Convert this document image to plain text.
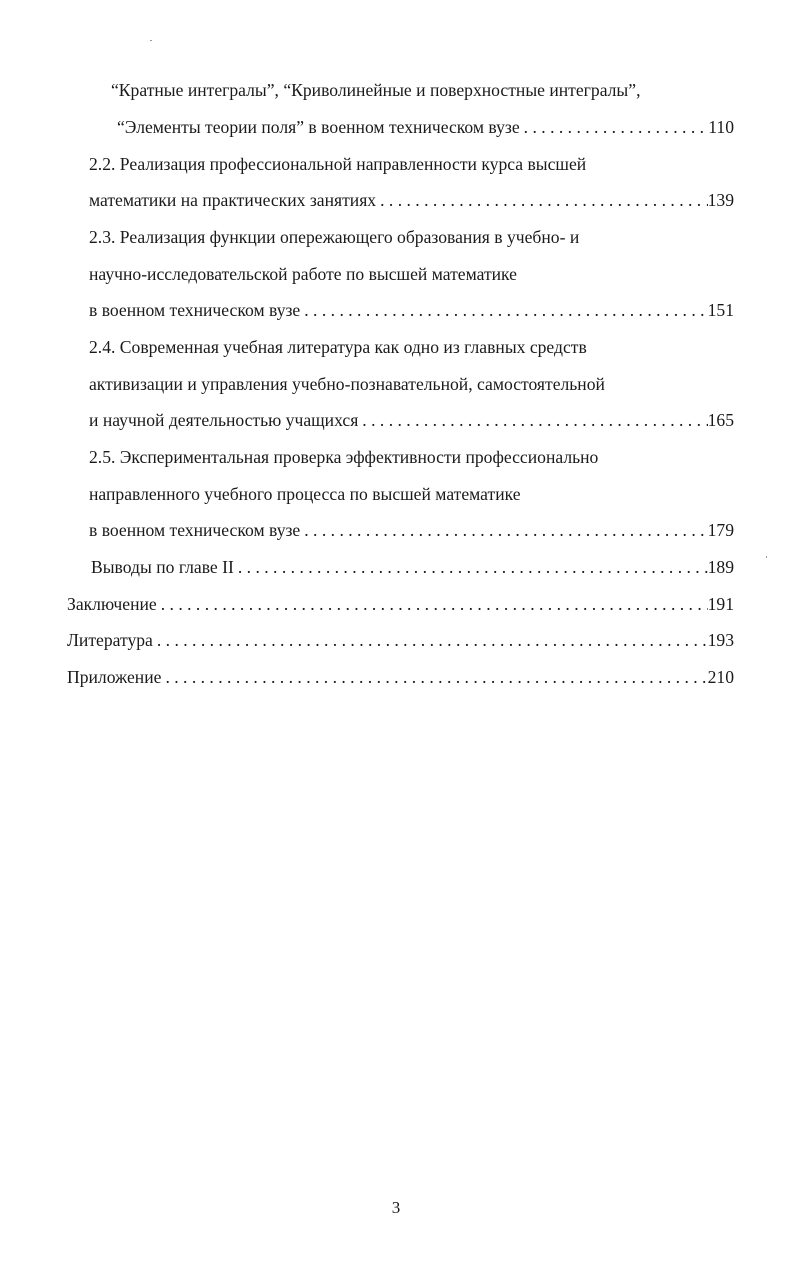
“Кратные интегралы”, “Криволинейные и поверхностные интегралы”,
“Элементы теории поля” в военном техническом вузе . . .	110
2.2. Реализация профессиональной направленности курса высшей
математики на практических занятиях . . .	139
2.3. Реализация функции опережающего образования в учебно- и
научно-исследовательской работе по высшей математике
в военном техническом вузе . . .	151
2.4. Современная учебная литература как одно из главных средств
активизации и управления учебно-познавательной, самостоятельной
и научной деятельностью учащихся . . .	165
2.5. Экспериментальная проверка эффективности профессионально
направленного учебного процесса по высшей математике
в военном техническом вузе . . .	179
Выводы по главе II . . .	189
Заключение . . .	191
Литература . . .	193
Приложение . . .	210
3
